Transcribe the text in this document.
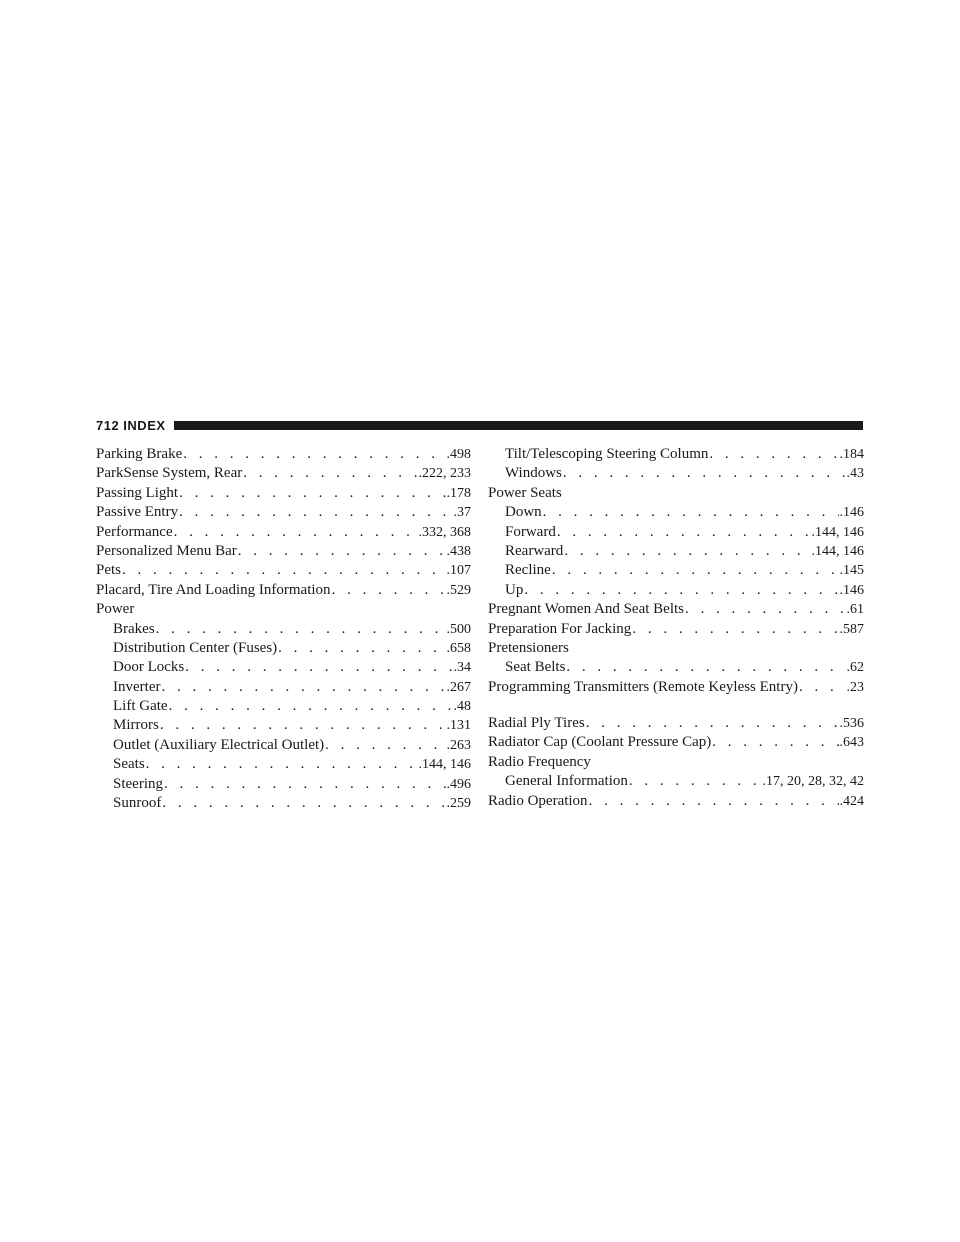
712 INDEX
Parking Brake . . .	.498
ParkSense System, Rear . . .	.222, 233
Passing Light . . .	.178
Passive Entry . . .	.37
Performance . . .	.332, 368
Personalized Menu Bar . . .	.438
Pets . . .	.107
Placard, Tire And Loading Information . . .	.529
Power
Brakes . . .	.500
Distribution Center (Fuses) . . .	.658
Door Locks . . .	.34
Inverter . . .	.267
Lift Gate . . .	.48
Mirrors . . .	.131
Outlet (Auxiliary Electrical Outlet) . . .	.263
Seats . . .	.144, 146
Steering . . .	.496
Sunroof . . .	.259
Tilt/Telescoping Steering Column . . .	.184
Windows . . .	.43
Power Seats
Down . . .	.146
Forward . . .	.144, 146
Rearward . . .	.144, 146
Recline . . .	.145
Up . . .	.146
Pregnant Women And Seat Belts . . .	.61
Preparation For Jacking . . .	.587
Pretensioners
Seat Belts . . .	.62
Programming Transmitters (Remote Keyless Entry) . . .	.23
Radial Ply Tires . . .	.536
Radiator Cap (Coolant Pressure Cap) . . .	.643
Radio Frequency
General Information . . .	.17, 20, 28, 32, 42
Radio Operation . . .	.424
